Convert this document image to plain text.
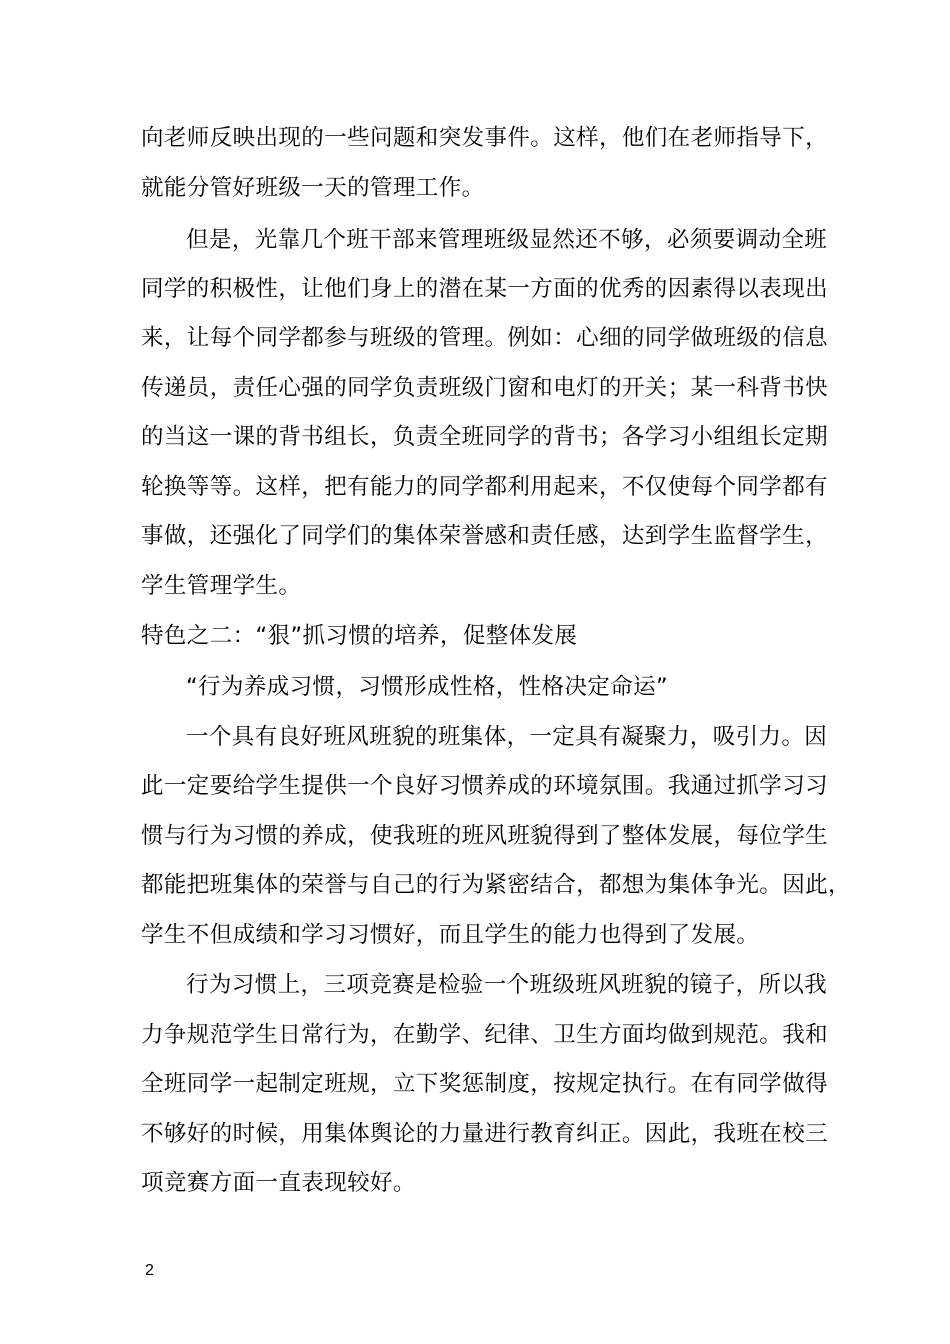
向老师反映出现的一些问题和突发事件。这样，他们在老师指导下，
就能分管好班级一天的管理工作。
但是，光靠几个班干部来管理班级显然还不够，必须要调动全班
同学的积极性，让他们身上的潜在某一方面的优秀的因素得以表现出
来，让每个同学都参与班级的管理。例如：心细的同学做班级的信息
传递员，责任心强的同学负责班级门窗和电灯的开关；某一科背书快
的当这一课的背书组长，负责全班同学的背书；各学习小组组长定期
轮换等等。这样，把有能力的同学都利用起来，不仅使每个同学都有
事做，还强化了同学们的集体荣誉感和责任感，达到学生监督学生，
学生管理学生。
特色之二：“狠”抓习惯的培养，促整体发展
“行为养成习惯，习惯形成性格，性格决定命运”
一个具有良好班风班貌的班集体，一定具有凝聚力，吸引力。因
此一定要给学生提供一个良好习惯养成的环境氛围。我通过抓学习习
惯与行为习惯的养成，使我班的班风班貌得到了整体发展，每位学生
都能把班集体的荣誉与自己的行为紧密结合，都想为集体争光。因此，
学生不但成绩和学习习惯好，而且学生的能力也得到了发展。
行为习惯上，三项竞赛是检验一个班级班风班貌的镜子，所以我
力争规范学生日常行为，在勤学、纪律、卫生方面均做到规范。我和
全班同学一起制定班规，立下奖惩制度，按规定执行。在有同学做得
不够好的时候，用集体舆论的力量进行教育纠正。因此，我班在校三
项竞赛方面一直表现较好。
2
